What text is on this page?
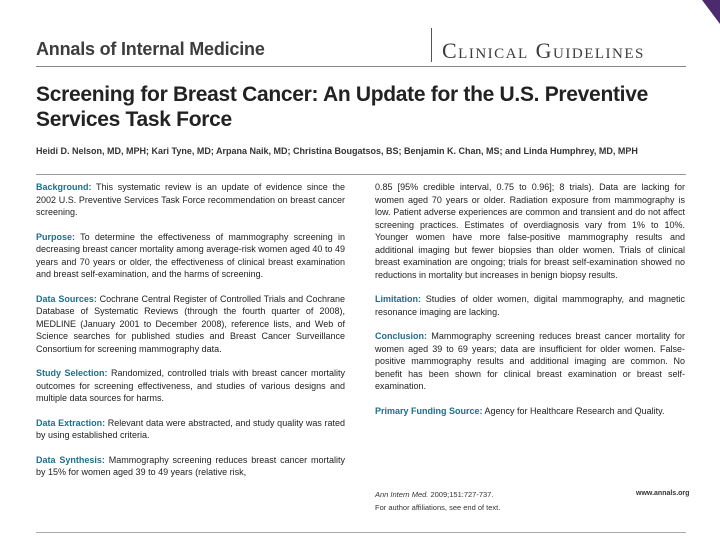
Annals of Internal Medicine	Clinical Guidelines
Screening for Breast Cancer: An Update for the U.S. Preventive Services Task Force
Heidi D. Nelson, MD, MPH; Kari Tyne, MD; Arpana Naik, MD; Christina Bougatsos, BS; Benjamin K. Chan, MS; and Linda Humphrey, MD, MPH

Background: This systematic review is an update of evidence since the 2002 U.S. Preventive Services Task Force recommendation on breast cancer screening.

Purpose: To determine the effectiveness of mammography screening in decreasing breast cancer mortality among average-risk women aged 40 to 49 years and 70 years or older, the effectiveness of clinical breast examination and breast self-examination, and the harms of screening.

Data Sources: Cochrane Central Register of Controlled Trials and Cochrane Database of Systematic Reviews (through the fourth quarter of 2008), MEDLINE (January 2001 to December 2008), reference lists, and Web of Science searches for published studies and Breast Cancer Surveillance Consortium for screening mammography data.

Study Selection: Randomized, controlled trials with breast cancer mortality outcomes for screening effectiveness, and studies of various designs and multiple data sources for harms.

Data Extraction: Relevant data were abstracted, and study quality was rated by using established criteria.

Data Synthesis: Mammography screening reduces breast cancer mortality by 15% for women aged 39 to 49 years (relative risk,

0.85 [95% credible interval, 0.75 to 0.96]; 8 trials). Data are lacking for women aged 70 years or older. Radiation exposure from mammography is low. Patient adverse experiences are common and transient and do not affect screening practices. Estimates of overdiagnosis vary from 1% to 10%. Younger women have more false-positive mammography results and additional imaging but fewer biopsies than older women. Trials of clinical breast examination are ongoing; trials for breast self-examination showed no reductions in mortality but increases in benign biopsy results.

Limitation: Studies of older women, digital mammography, and magnetic resonance imaging are lacking.

Conclusion: Mammography screening reduces breast cancer mortality for women aged 39 to 69 years; data are insufficient for older women. False-positive mammography results and additional imaging are common. No benefit has been shown for clinical breast examination or breast self-examination.

Primary Funding Source: Agency for Healthcare Research and Quality.

Ann Intern Med. 2009;151:727-737.	www.annals.org
For author affiliations, see end of text.
